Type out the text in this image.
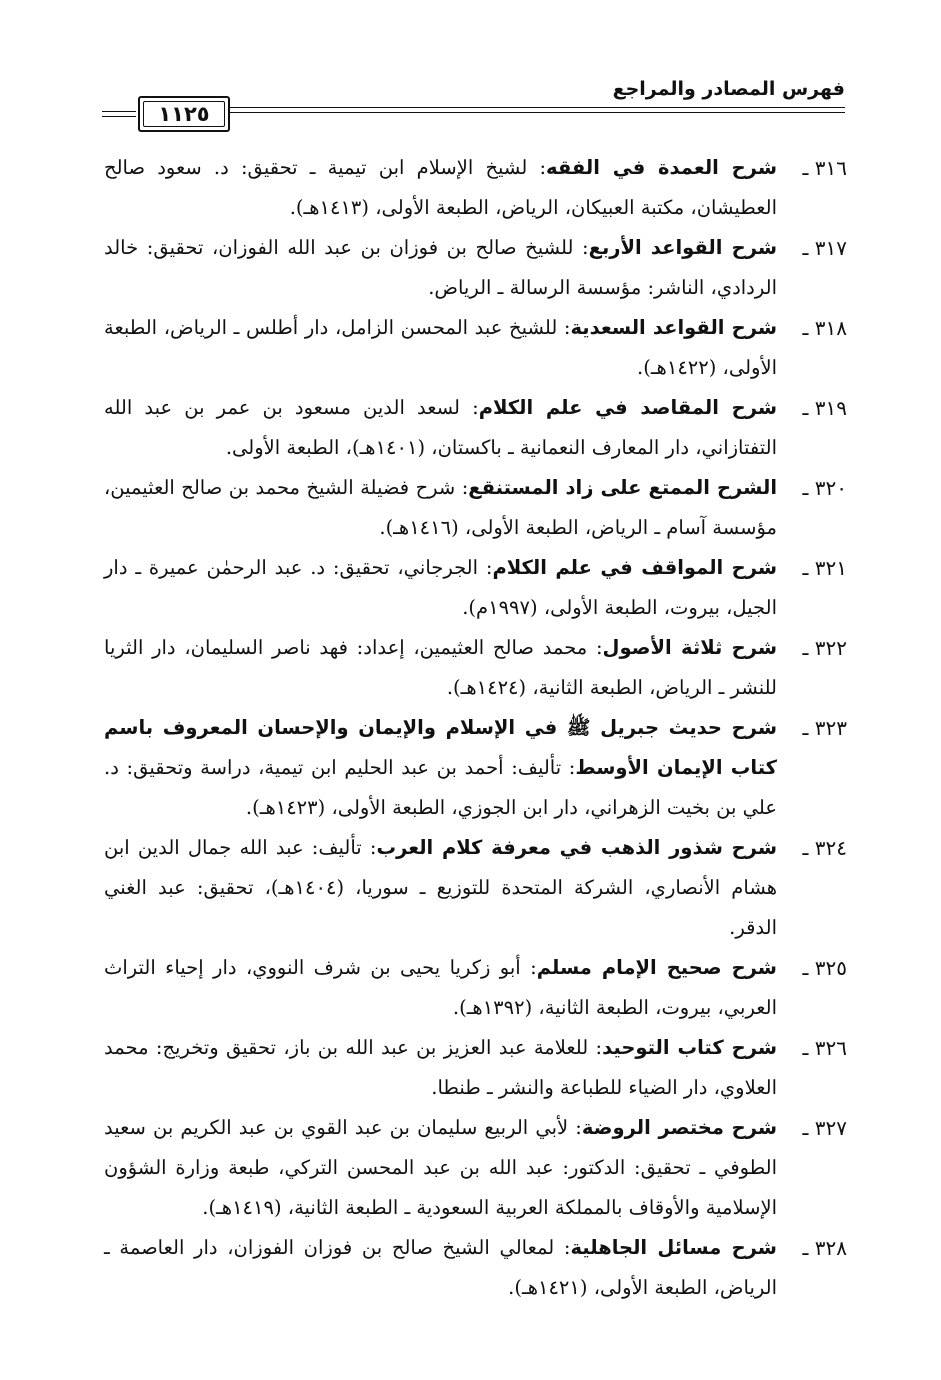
فهرس المصادر والمراجع
١١٢٥
٣١٦ ـ
شرح العمدة في الفقه: لشيخ الإسلام ابن تيمية ـ تحقيق: د. سعود صالح العطيشان، مكتبة العبيكان، الرياض، الطبعة الأولى، (١٤١٣هـ).
٣١٧ ـ
شرح القواعد الأربع: للشيخ صالح بن فوزان بن عبد الله الفوزان، تحقيق: خالد الردادي، الناشر: مؤسسة الرسالة ـ الرياض.
٣١٨ ـ
شرح القواعد السعدية: للشيخ عبد المحسن الزامل، دار أطلس ـ الرياض، الطبعة الأولى، (١٤٢٢هـ).
٣١٩ ـ
شرح المقاصد في علم الكلام: لسعد الدين مسعود بن عمر بن عبد الله التفتازاني، دار المعارف النعمانية ـ باكستان، (١٤٠١هـ)، الطبعة الأولى.
٣٢٠ ـ
الشرح الممتع على زاد المستنقع: شرح فضيلة الشيخ محمد بن صالح العثيمين، مؤسسة آسام ـ الرياض، الطبعة الأولى، (١٤١٦هـ).
٣٢١ ـ
شرح المواقف في علم الكلام: الجرجاني، تحقيق: د. عبد الرحمٰن عميرة ـ دار الجيل، بيروت، الطبعة الأولى، (١٩٩٧م).
٣٢٢ ـ
شرح ثلاثة الأصول: محمد صالح العثيمين، إعداد: فهد ناصر السليمان، دار الثريا للنشر ـ الرياض، الطبعة الثانية، (١٤٢٤هـ).
٣٢٣ ـ
شرح حديث جبريل ﷺ في الإسلام والإيمان والإحسان المعروف باسم كتاب الإيمان الأوسط: تأليف: أحمد بن عبد الحليم ابن تيمية، دراسة وتحقيق: د. علي بن بخيت الزهراني، دار ابن الجوزي، الطبعة الأولى، (١٤٢٣هـ).
٣٢٤ ـ
شرح شذور الذهب في معرفة كلام العرب: تأليف: عبد الله جمال الدين ابن هشام الأنصاري، الشركة المتحدة للتوزيع ـ سوريا، (١٤٠٤هـ)، تحقيق: عبد الغني الدقر.
٣٢٥ ـ
شرح صحيح الإمام مسلم: أبو زكريا يحيى بن شرف النووي، دار إحياء التراث العربي، بيروت، الطبعة الثانية، (١٣٩٢هـ).
٣٢٦ ـ
شرح كتاب التوحيد: للعلامة عبد العزيز بن عبد الله بن باز، تحقيق وتخريج: محمد العلاوي، دار الضياء للطباعة والنشر ـ طنطا.
٣٢٧ ـ
شرح مختصر الروضة: لأبي الربيع سليمان بن عبد القوي بن عبد الكريم بن سعيد الطوفي ـ تحقيق: الدكتور: عبد الله بن عبد المحسن التركي، طبعة وزارة الشؤون الإسلامية والأوقاف بالمملكة العربية السعودية ـ الطبعة الثانية، (١٤١٩هـ).
٣٢٨ ـ
شرح مسائل الجاهلية: لمعالي الشيخ صالح بن فوزان الفوزان، دار العاصمة ـ الرياض، الطبعة الأولى، (١٤٢١هـ).
